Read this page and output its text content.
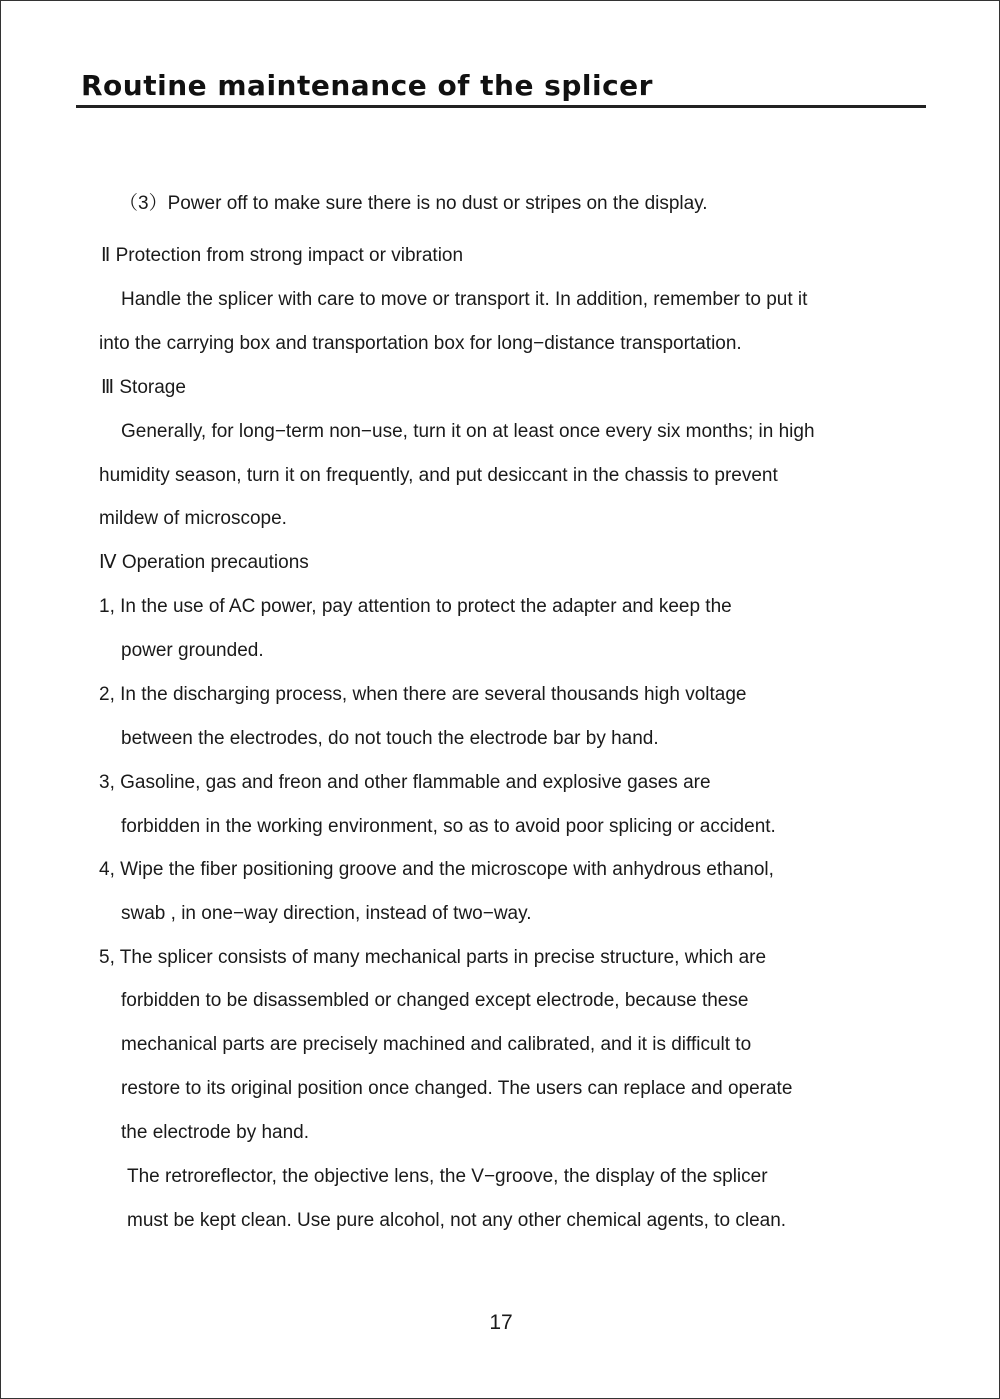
Routine maintenance of the splicer
（3）Power off to make sure there is no dust or stripes on the display.
Ⅱ Protection from strong impact or vibration
Handle the splicer with care to move or transport it. In addition, remember to put it
into the carrying box and transportation box for long−distance transportation.
Ⅲ Storage
Generally, for long−term non−use, turn it on at least once every six months; in high
humidity season, turn it on frequently, and put desiccant in the chassis to prevent
mildew of microscope.
Ⅳ Operation precautions
1, In the use of AC power, pay attention to protect the adapter and keep the
power grounded.
2, In the discharging process, when there are several thousands high voltage
between the electrodes, do not touch the electrode bar by hand.
3, Gasoline, gas and freon and other flammable and explosive gases are
forbidden in the working environment, so as to avoid poor splicing or accident.
4, Wipe the fiber positioning groove and the microscope with anhydrous ethanol,
swab , in one−way direction, instead of two−way.
5, The splicer consists of many mechanical parts in precise structure, which are
forbidden to be disassembled or changed except electrode, because these
mechanical parts are precisely machined and calibrated, and it is difficult to
restore to its original position once changed. The users can replace and operate
the electrode by hand.
The retroreflector, the objective lens, the V−groove, the display of the splicer
must be kept clean. Use pure alcohol, not any other chemical agents, to clean.
17
